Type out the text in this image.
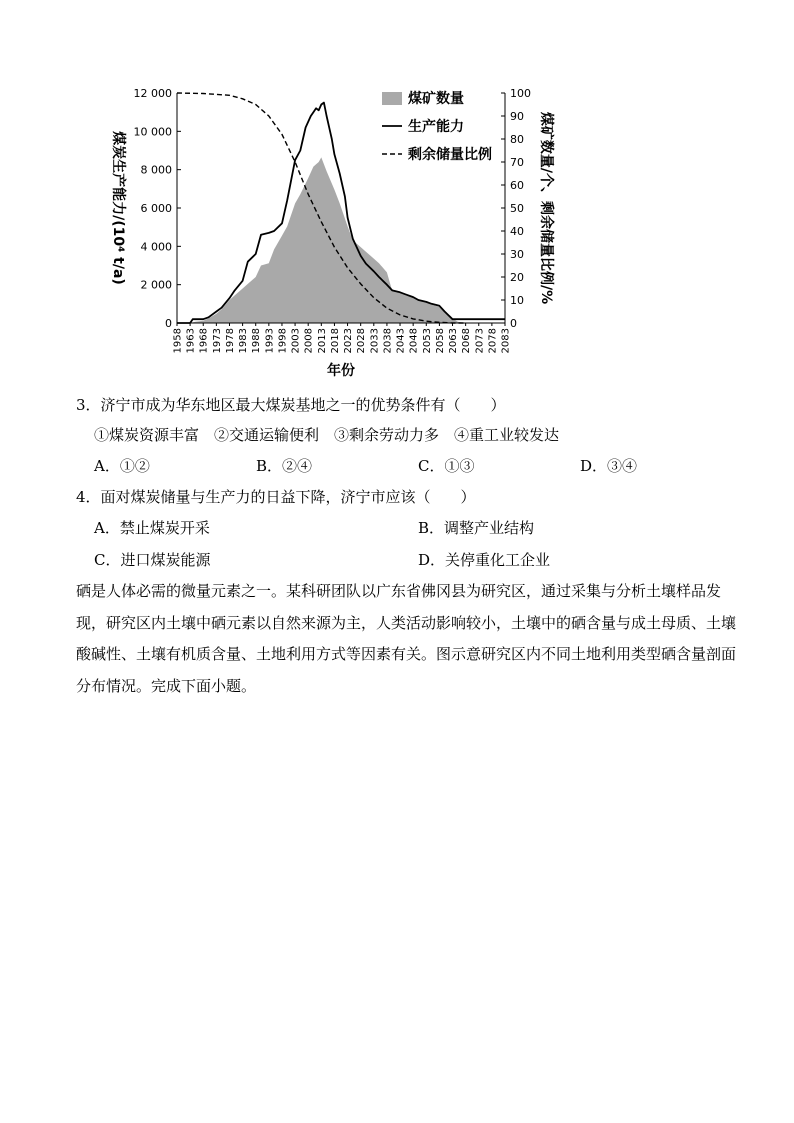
0
2 000
4 000
6 000
8 000
10 000
12 000
0
10
20
30
40
50
60
70
80
90
100
1958 1963 1968 1973 1978 1983 1988 1993 1998 2003 2008 2013 2018 2023 2028 2033 2038 2043 2048 2053 2058 2063 2068 2073 2078 2083
年份
煤炭生产能力/(10⁴ t/a)	煤矿数量/个、剩余储量比例/%
煤矿数量
生产能力
剩余储量比例
3．济宁市成为华东地区最大煤炭基地之一的优势条件有（　　）
①煤炭资源丰富　②交通运输便利　③剩余劳动力多　④重工业较发达
A．①②	B．②④	C．①③	D．③④
4．面对煤炭储量与生产力的日益下降，济宁市应该（　　）
A．禁止煤炭开采	B．调整产业结构
C．进口煤炭能源	D．关停重化工企业
硒是人体必需的微量元素之一。某科研团队以广东省佛冈县为研究区，通过采集与分析土壤样品发现，研究区内土壤中硒元素以自然来源为主，人类活动影响较小，土壤中的硒含量与成土母质、土壤酸碱性、土壤有机质含量、土地利用方式等因素有关。图示意研究区内不同土地利用类型硒含量剖面分布情况。完成下面小题。
